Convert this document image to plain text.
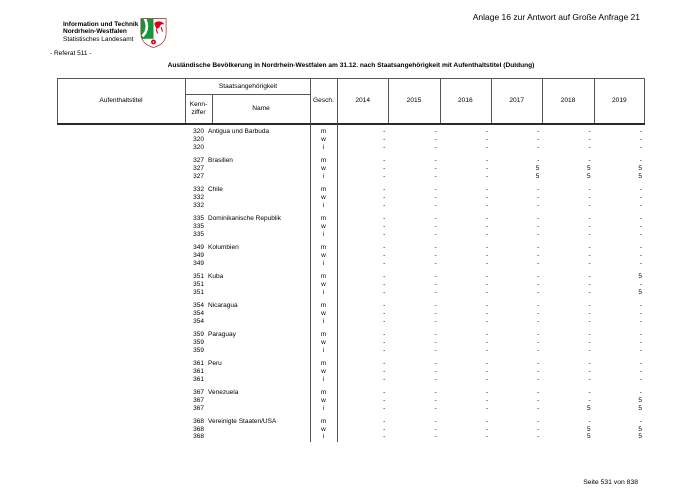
Information und Technik
Nordrhein-Westfalen
Statistisches Landesamt
- Referat 511 -
Anlage 16 zur Antwort auf Große Anfrage 21
Ausländische Bevölkerung in Nordrhein-Westfalen am 31.12. nach Staatsangehörigkeit mit Aufenthaltstitel (Duldung)
Aufenthaltstitel
Staatsangehörigkeit
Kenn-
ziffer
Name
Gesch.	2014	2015	2016	2017	2018	2019
320 Antigua und Barbuda	m	-	-	-	-	-	-
320	w	-	-	-	-	-	-
320	i	-	-	-	-	-	-
327 Brasilien	m	-	-	-	-	-	-
327	w	-	-	-	5	5	5
327	i	-	-	-	5	5	5
332 Chile	m	-	-	-	-	-	-
332	w	-	-	-	-	-	-
332	i	-	-	-	-	-	-
335 Dominikanische Republik	m	-	-	-	-	-	-
335	w	-	-	-	-	-	-
335	i	-	-	-	-	-	-
349 Kolumbien	m	-	-	-	-	-	-
349	w	-	-	-	-	-	-
349	i	-	-	-	-	-	-
351 Kuba	m	-	-	-	-	-	5
351	w	-	-	-	-	-	-
351	i	-	-	-	-	-	5
354 Nicaragua	m	-	-	-	-	-	-
354	w	-	-	-	-	-	-
354	i	-	-	-	-	-	-
359 Paraguay	m	-	-	-	-	-	-
359	w	-	-	-	-	-	-
359	i	-	-	-	-	-	-
361 Peru	m	-	-	-	-	-	-
361	w	-	-	-	-	-	-
361	i	-	-	-	-	-	-
367 Venezuela	m	-	-	-	-	-	-
367	w	-	-	-	-	-	5
367	i	-	-	-	-	5	5
368 Vereinigte Staaten/USA	m	-	-	-	-	-	-
368	w	-	-	-	-	5	5
368	i	-	-	-	-	5	5
Seite 531 von 838
